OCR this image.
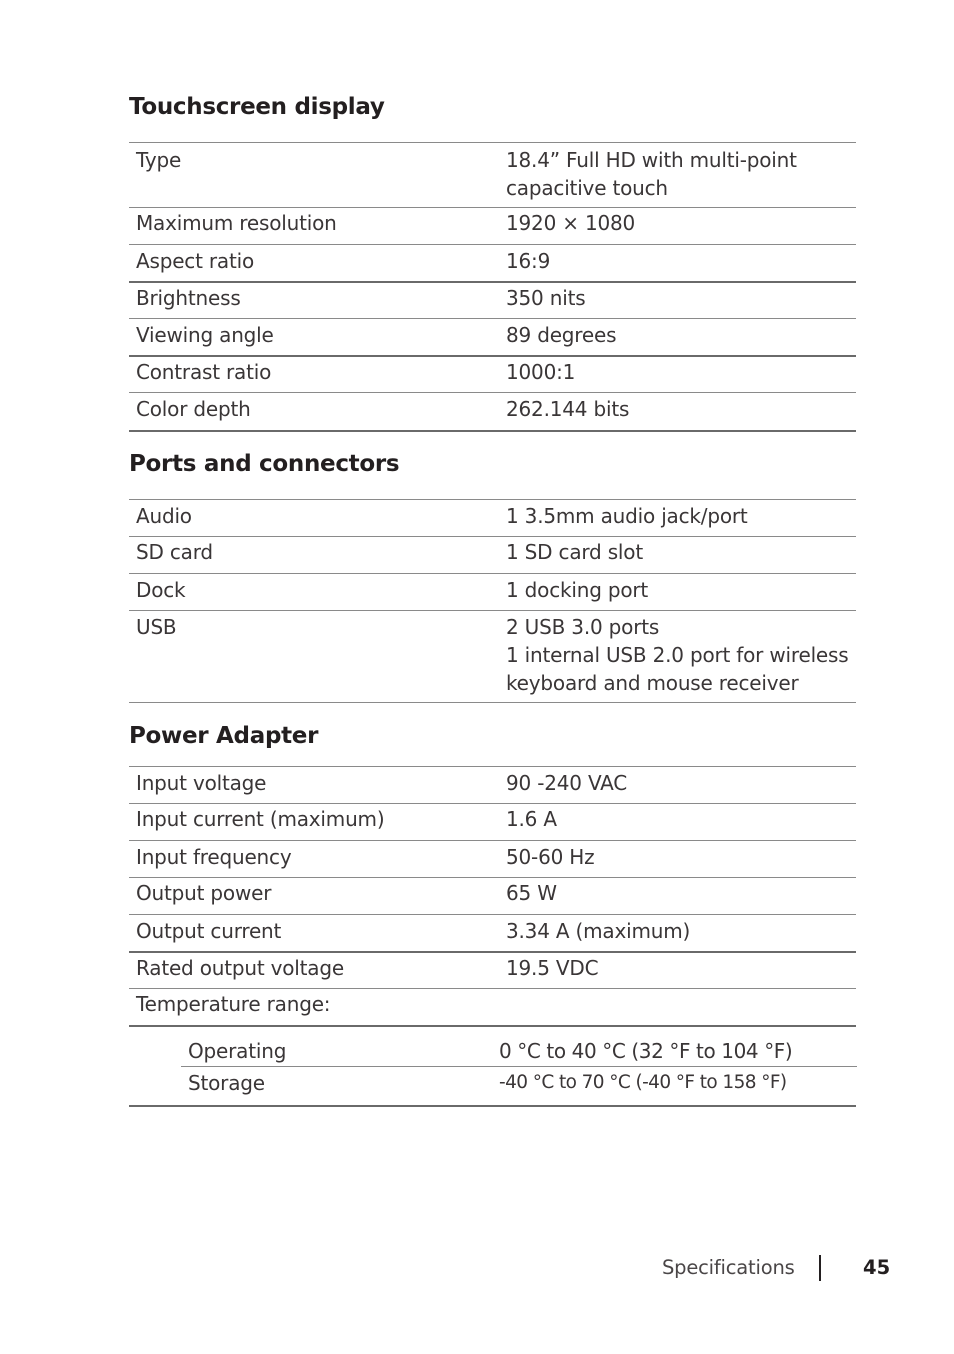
Touchscreen display
Type	18.4” Full HD with multi-point
capacitive touch

Maximum resolution	1920 × 1080
Aspect ratio	16:9
Brightness	350 nits
Viewing angle	89 degrees
Contrast ratio	1000:1
Color depth	262.144 bits
Ports and connectors
Audio	1 3.5mm audio jack/port
SD card	1 SD card slot
Dock	1 docking port
USB	2 USB 3.0 ports
1 internal USB 2.0 port for wireless
keyboard and mouse receiver
Power Adapter
Input voltage	90 -240 VAC
Input current (maximum)	1.6 A
Input frequency	50-60 Hz
Output power	65 W
Output current	3.34 A (maximum)
Rated output voltage	19.5 VDC
Temperature range:	
Operating	0 °C to 40 °C (32 °F to 104 °F)
Storage	-40 °C to 70 °C (-40 °F to 158 °F)
Specifications	45
